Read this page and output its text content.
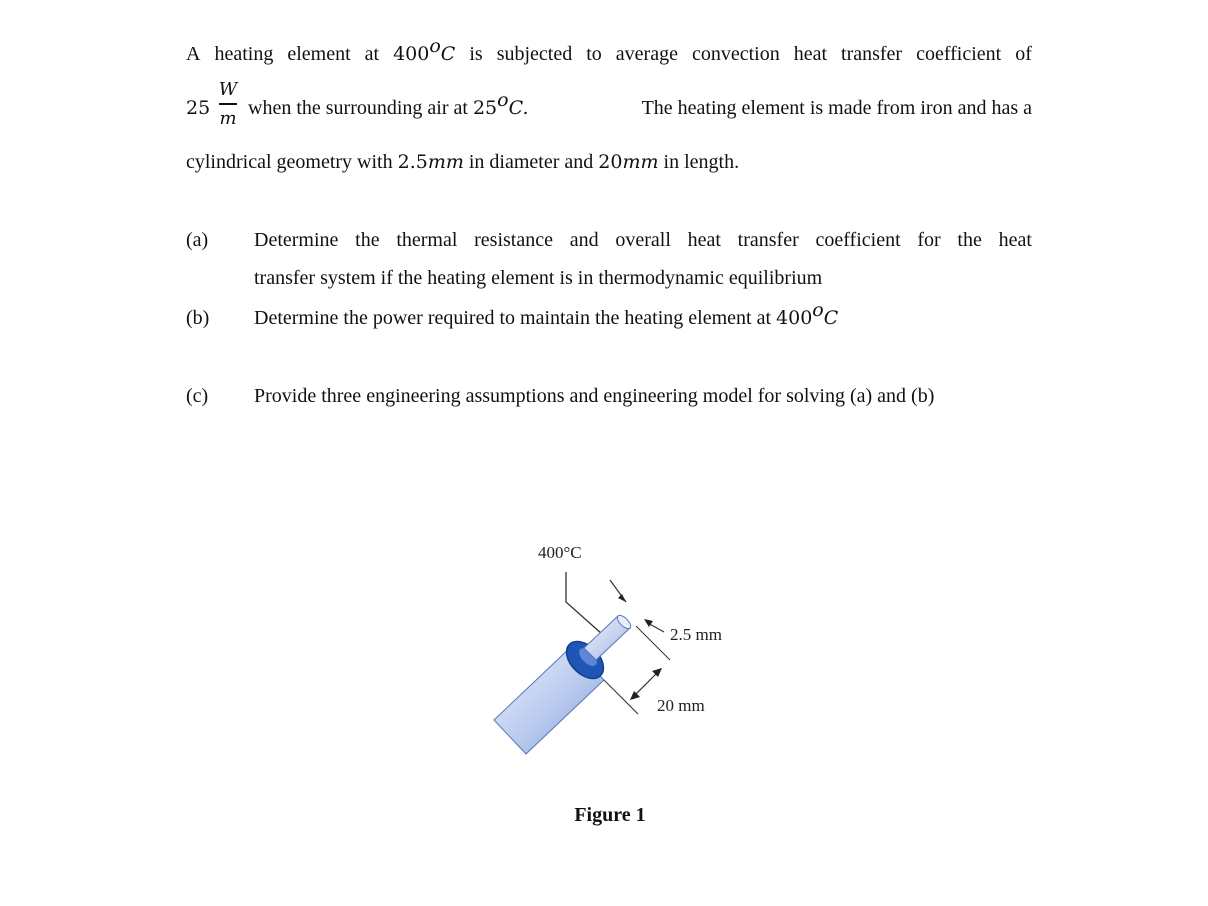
A heating element at 400$^o$C is subjected to average convection heat transfer coefficient of
25
W
m when the surrounding air at 25$^o$C.	The heating element is made from iron and has a
cylindrical geometry with 2.5mm in diameter and 20mm in length.
(a) Determine the thermal resistance and overall heat transfer coefficient for the heat
transfer system if the heating element is in thermodynamic equilibrium
(b) Determine the power required to maintain the heating element at 400$^o$C
(c) Provide three engineering assumptions and engineering model for solving (a) and (b)
400°C
2.5 mm
20 mm
Figure 1
